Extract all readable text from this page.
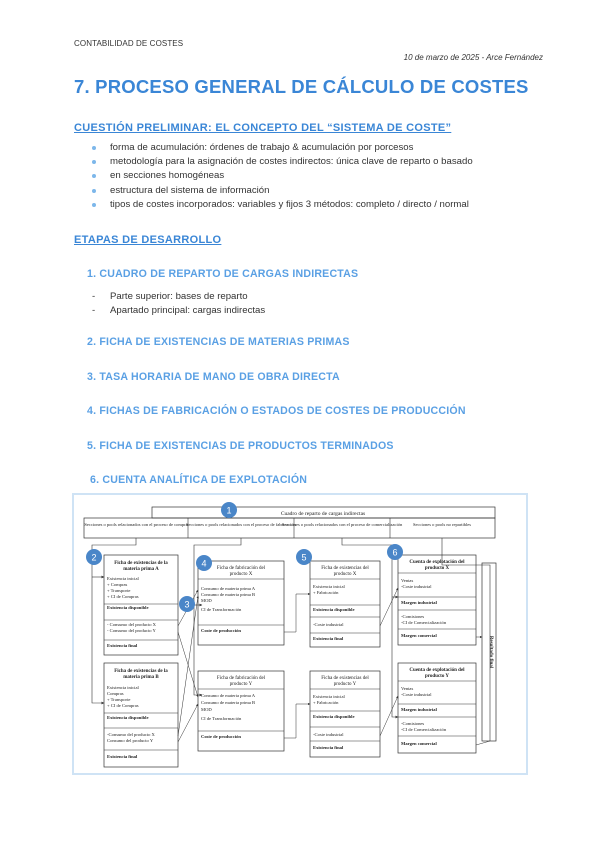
CONTABILIDAD DE COSTES
10 de marzo de 2025 - Arce Fernández
7. PROCESO GENERAL DE CÁLCULO DE COSTES
CUESTIÓN PRELIMINAR: EL CONCEPTO DEL “SISTEMA DE COSTE”
forma de acumulación: órdenes de trabajo & acumulación por porcesos
metodología para la asignación de costes indirectos: única clave de reparto o basado
en secciones homogéneas
estructura del sistema de información
tipos de costes incorporados: variables y fijos 3 métodos: completo / directo / normal
ETAPAS DE DESARROLLO
1. CUADRO DE REPARTO DE CARGAS INDIRECTAS
- Parte superior: bases de reparto
- Apartado principal: cargas indirectas
2. FICHA DE EXISTENCIAS DE MATERIAS PRIMAS
3. TASA HORARIA DE MANO DE OBRA DIRECTA
4. FICHAS DE FABRICACIÓN O ESTADOS DE COSTES DE PRODUCCIÓN
5. FICHA DE EXISTENCIAS DE PRODUCTOS TERMINADOS
6. CUENTA ANALÍTICA DE EXPLOTACIÓN
Cuadro de reparto de cargas indirectas
Secciones o pools relacionados con el proceso de compra
Secciones o pools relacionados con el proceso de fabricación
Secciones o pools relacionados con el proceso de comercialización Secciones o pools no repartibles
Ficha de existencias de la materia prima A
Existencia inicial + Compras + Transporte + CI de Compras Existencia disponible - Consumo del producto X - Consumo del producto Y Existencia final
Ficha de existencias de la materia prima B
Existencia inicial Compras + Transporte + CI de Compras Existencia disponible -Consumo del producto X Consumo del producto Y Existencia final
Ficha de fabricación del producto X
Consumo de materia prima A Consumo de materia prima B MOD CI de Transformación Coste de producción
Ficha de fabricación del producto Y
Consumo de materia prima A Consumo de materia prima B MOD CI de Transformación Coste de producción
Ficha de existencias del producto X
Existencia inicial + Fabricación Existencia disponible -Coste industrial Existencia final
Ficha de existencias del producto Y
Existencia inicial + Fabricación Existencia disponible -Coste industrial Existencia final
Cuenta de explotación del producto X
Ventas -Coste industrial Margen industrial -Comisiones -CI de Comercialización Margen comercial
Cuenta de explotación del producto Y
Ventas -Coste industrial Margen industrial -Comisiones -CI de Comercialización Margen comercial
Resultado final
1
2
3
4
5	6
